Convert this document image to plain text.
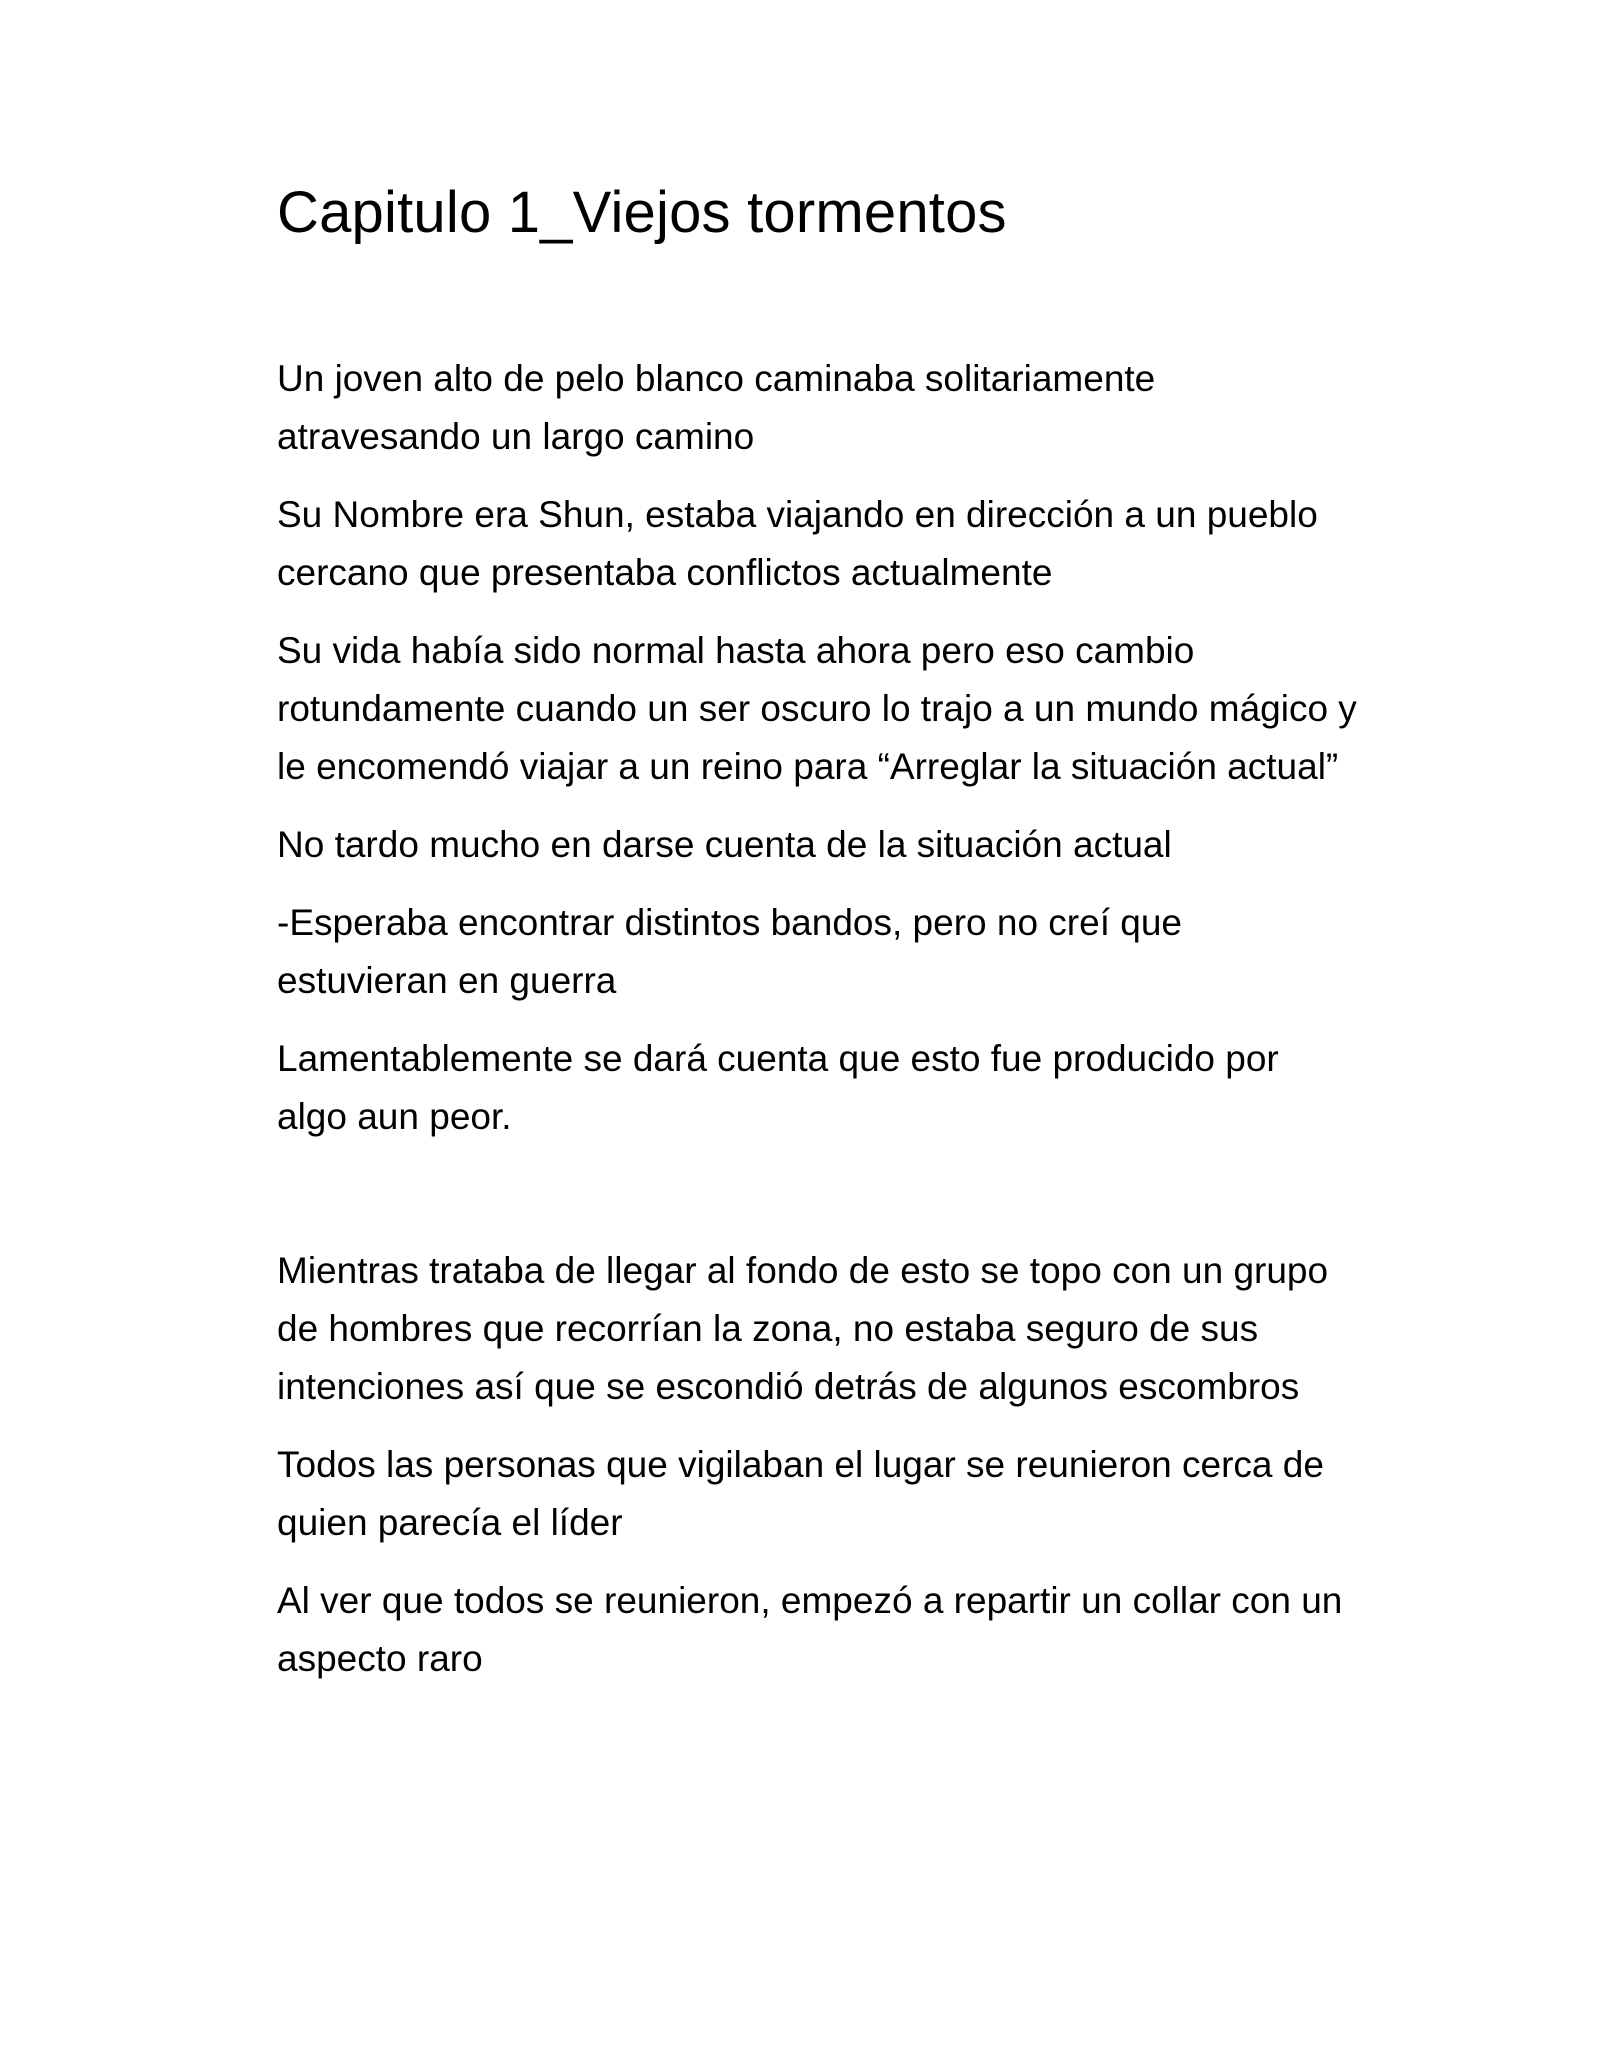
Capitulo 1_Viejos tormentos

Un joven alto de pelo blanco caminaba solitariamente atravesando un largo camino

Su Nombre era Shun, estaba viajando en dirección a un pueblo cercano que presentaba conflictos actualmente

Su vida había sido normal hasta ahora pero eso cambio rotundamente cuando un ser oscuro lo trajo a un mundo mágico y le encomendó viajar a un reino para “Arreglar la situación actual”

No tardo mucho en darse cuenta de la situación actual

-Esperaba encontrar distintos bandos, pero no creí que estuvieran en guerra

Lamentablemente se dará cuenta que esto fue producido por algo aun peor.

Mientras trataba de llegar al fondo de esto se topo con un grupo de hombres que recorrían la zona, no estaba seguro de sus intenciones así que se escondió detrás de algunos escombros

Todos las personas que vigilaban el lugar se reunieron cerca de quien parecía el líder

Al ver que todos se reunieron, empezó a repartir un collar con un aspecto raro
